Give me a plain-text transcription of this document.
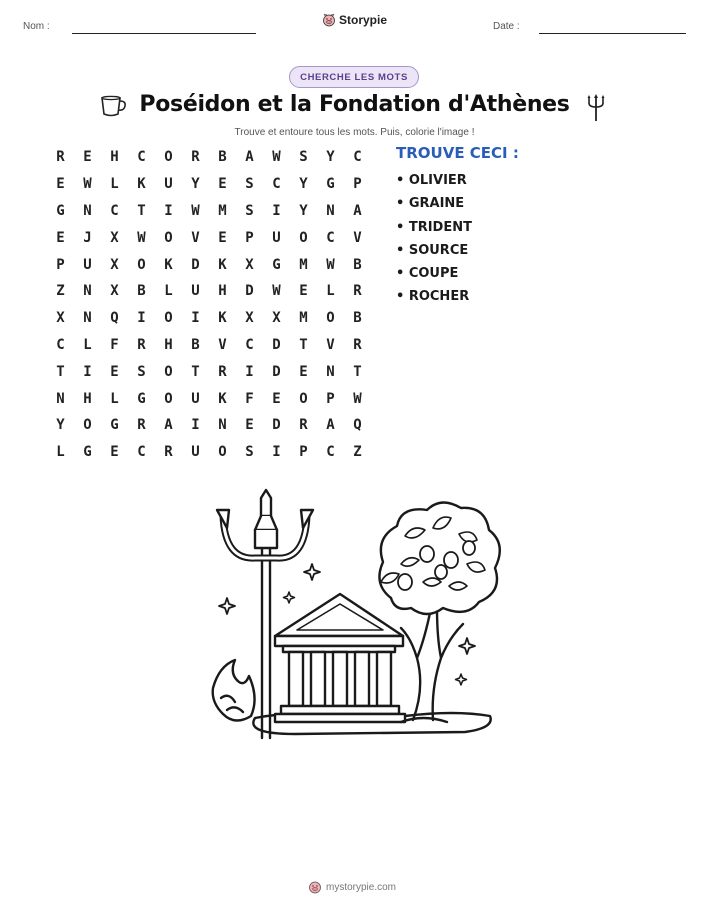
Nom :	Storypie	Date :
CHERCHE LES MOTS
Poséidon et la Fondation d'Athènes
Trouve et entoure tous les mots. Puis, colorie l'image !
R	E	H	C	O	R	B	A	W	S	Y	C
E	W	L	K	U	Y	E	S	C	Y	G	P
G	N	C	T	I	W	M	S	I	Y	N	A
E	J	X	W	O	V	E	P	U	O	C	V
P	U	X	O	K	D	K	X	G	M	W	B
Z	N	X	B	L	U	H	D	W	E	L	R
X	N	Q	I	O	I	K	X	X	M	O	B
C	L	F	R	H	B	V	C	D	T	V	R
T	I	E	S	O	T	R	I	D	E	N	T
N	H	L	G	O	U	K	F	E	O	P	W
Y	O	G	R	A	I	N	E	D	R	A	Q
L	G	E	C	R	U	O	S	I	P	C	Z
TROUVE CECI :
• OLIVIER
• GRAINE
• TRIDENT
• SOURCE
• COUPE
• ROCHER
mystorypie.com
